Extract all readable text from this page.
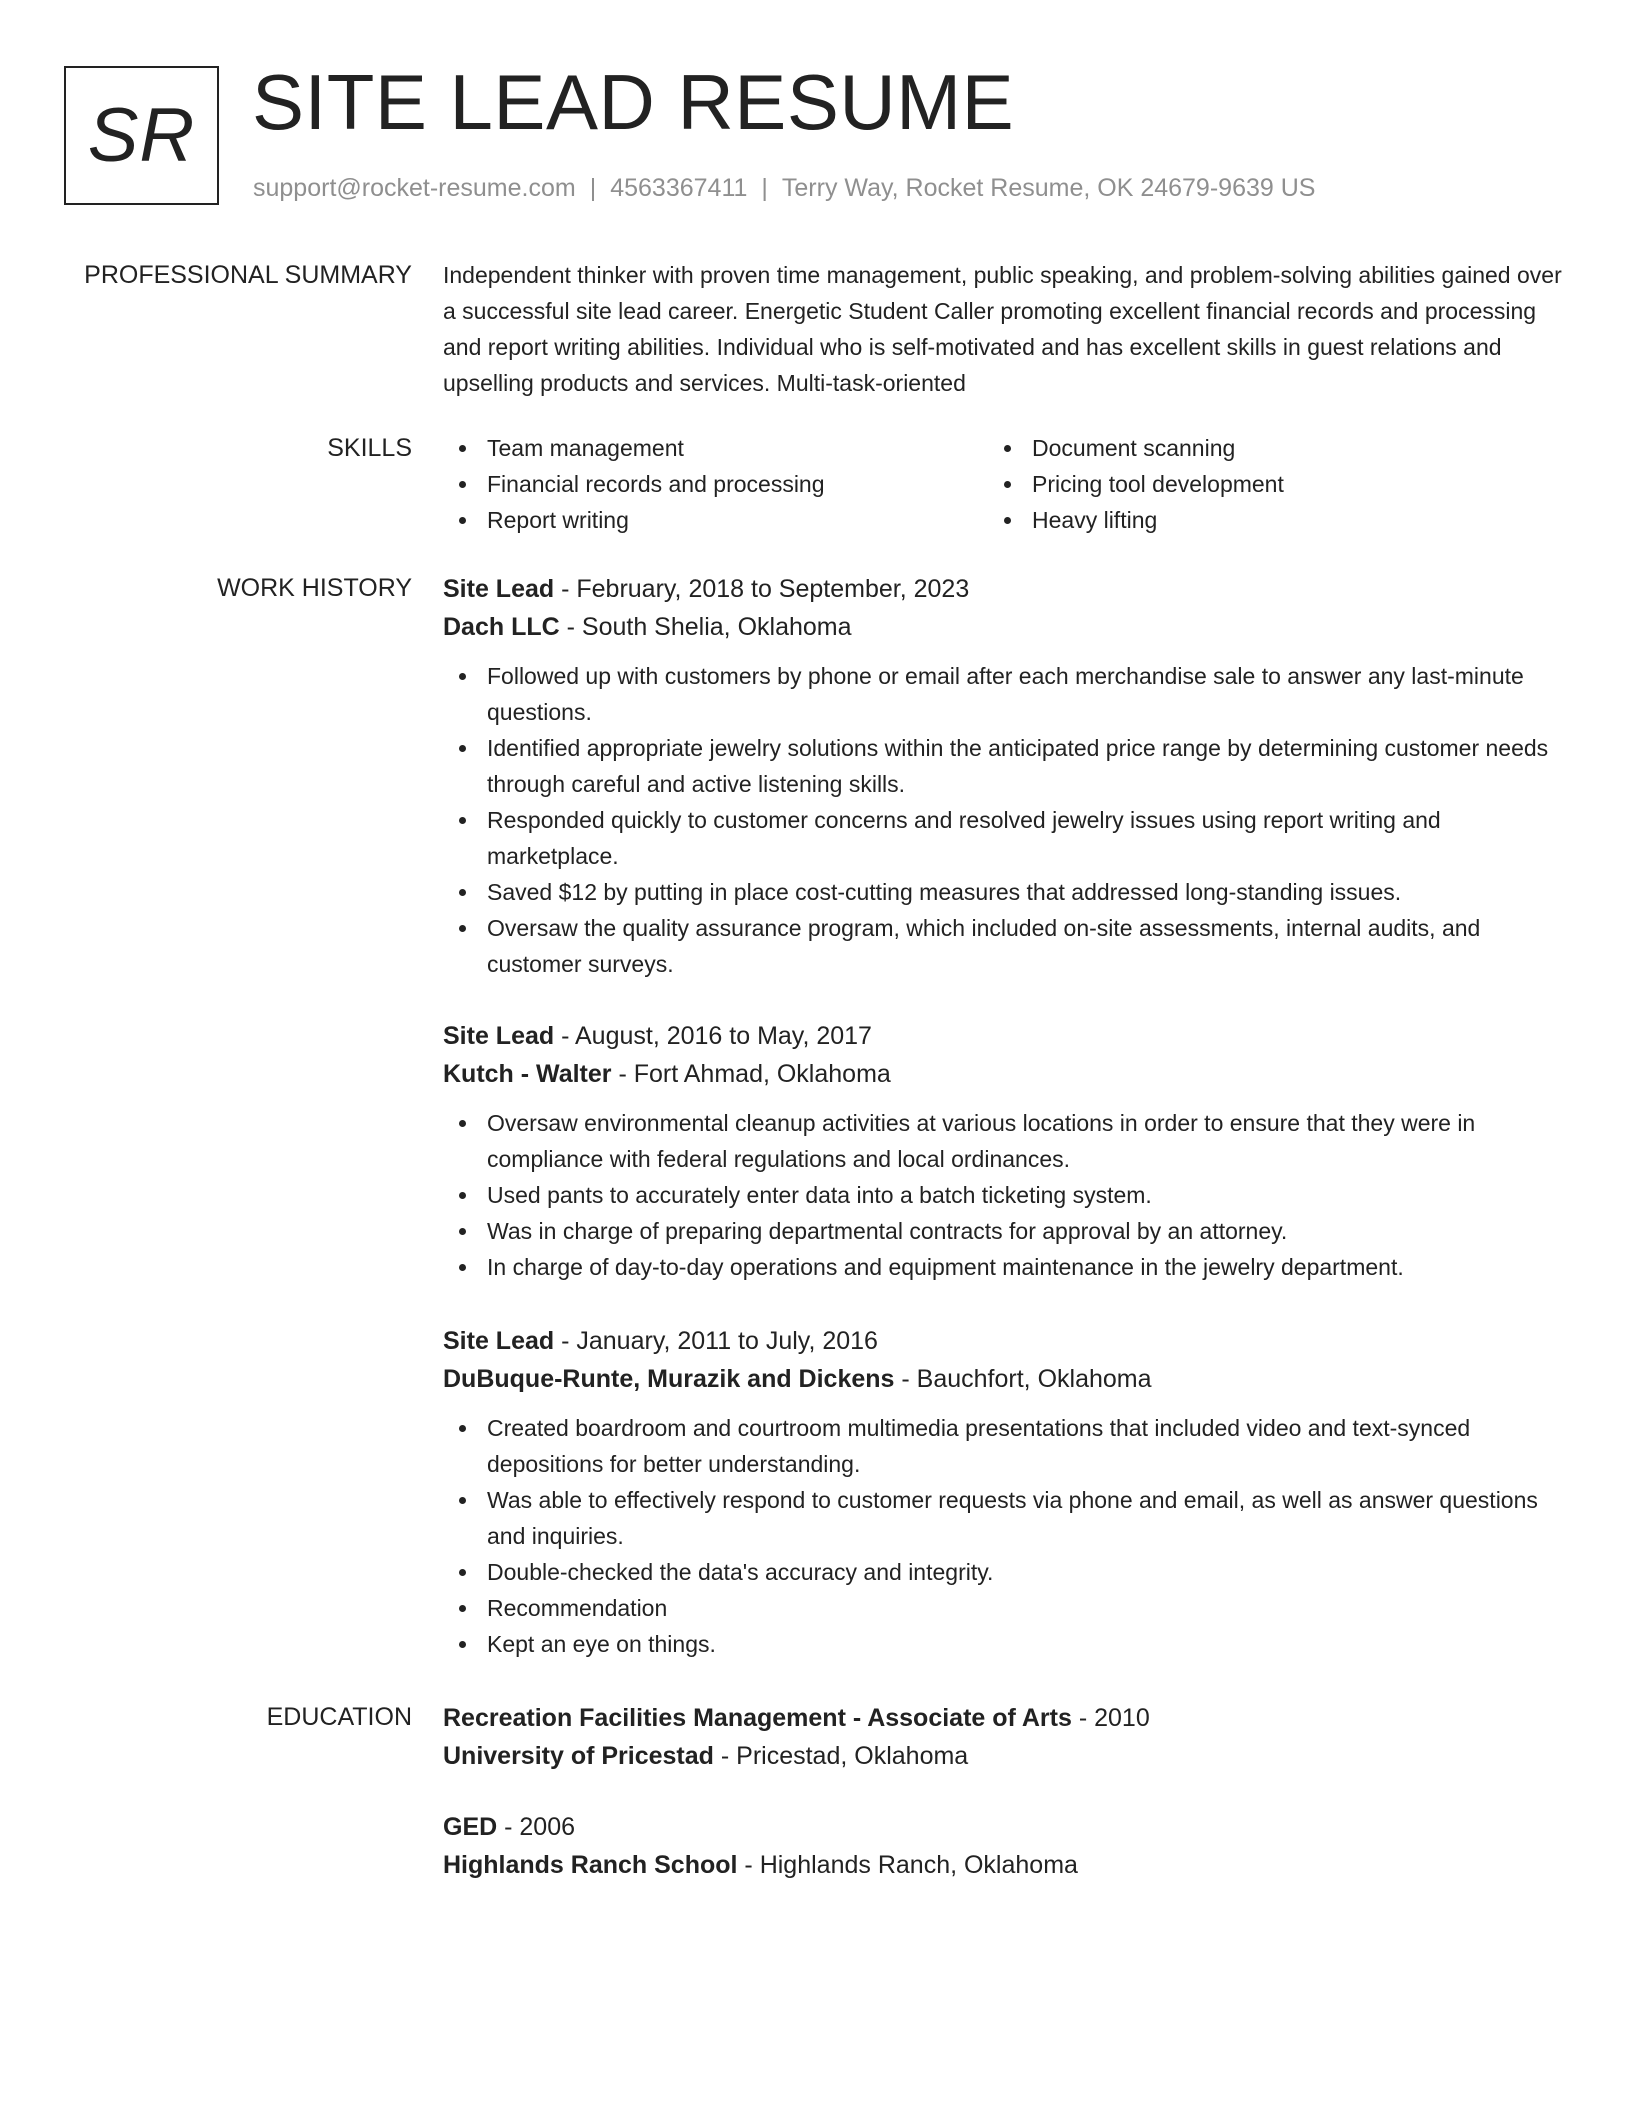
SR SITE LEAD RESUME
support@rocket-resume.com | 4563367411 | Terry Way, Rocket Resume, OK 24679-9639 US
PROFESSIONAL SUMMARY Independent thinker with proven time management, public speaking, and problem-solving abilities gained over a successful site lead career. Energetic Student Caller promoting excellent financial records and processing and report writing abilities. Individual who is self-motivated and has excellent skills in guest relations and upselling products and services. Multi-task-oriented

SKILLS	Team management
Financial records and processing
Report writing
Document scanning
Pricing tool development
Heavy lifting
WORK HISTORY Site Lead - February, 2018 to September, 2023
Dach LLC - South Shelia, Oklahoma
Followed up with customers by phone or email after each merchandise sale to answer any last-minute questions.
Identified appropriate jewelry solutions within the anticipated price range by determining customer needs through careful and active listening skills.
Responded quickly to customer concerns and resolved jewelry issues using report writing and marketplace.
Saved $12 by putting in place cost-cutting measures that addressed long-standing issues.
Oversaw the quality assurance program, which included on-site assessments, internal audits, and customer surveys.
Site Lead - August, 2016 to May, 2017
Kutch - Walter - Fort Ahmad, Oklahoma
Oversaw environmental cleanup activities at various locations in order to ensure that they were in compliance with federal regulations and local ordinances.
Used pants to accurately enter data into a batch ticketing system.
Was in charge of preparing departmental contracts for approval by an attorney.
In charge of day-to-day operations and equipment maintenance in the jewelry department.
Site Lead - January, 2011 to July, 2016
DuBuque-Runte, Murazik and Dickens - Bauchfort, Oklahoma
Created boardroom and courtroom multimedia presentations that included video and text-synced depositions for better understanding.
Was able to effectively respond to customer requests via phone and email, as well as answer questions and inquiries.
Double-checked the data's accuracy and integrity.
Recommendation
Kept an eye on things.
EDUCATION Recreation Facilities Management - Associate of Arts - 2010
University of Pricestad - Pricestad, Oklahoma
GED - 2006
Highlands Ranch School - Highlands Ranch, Oklahoma
